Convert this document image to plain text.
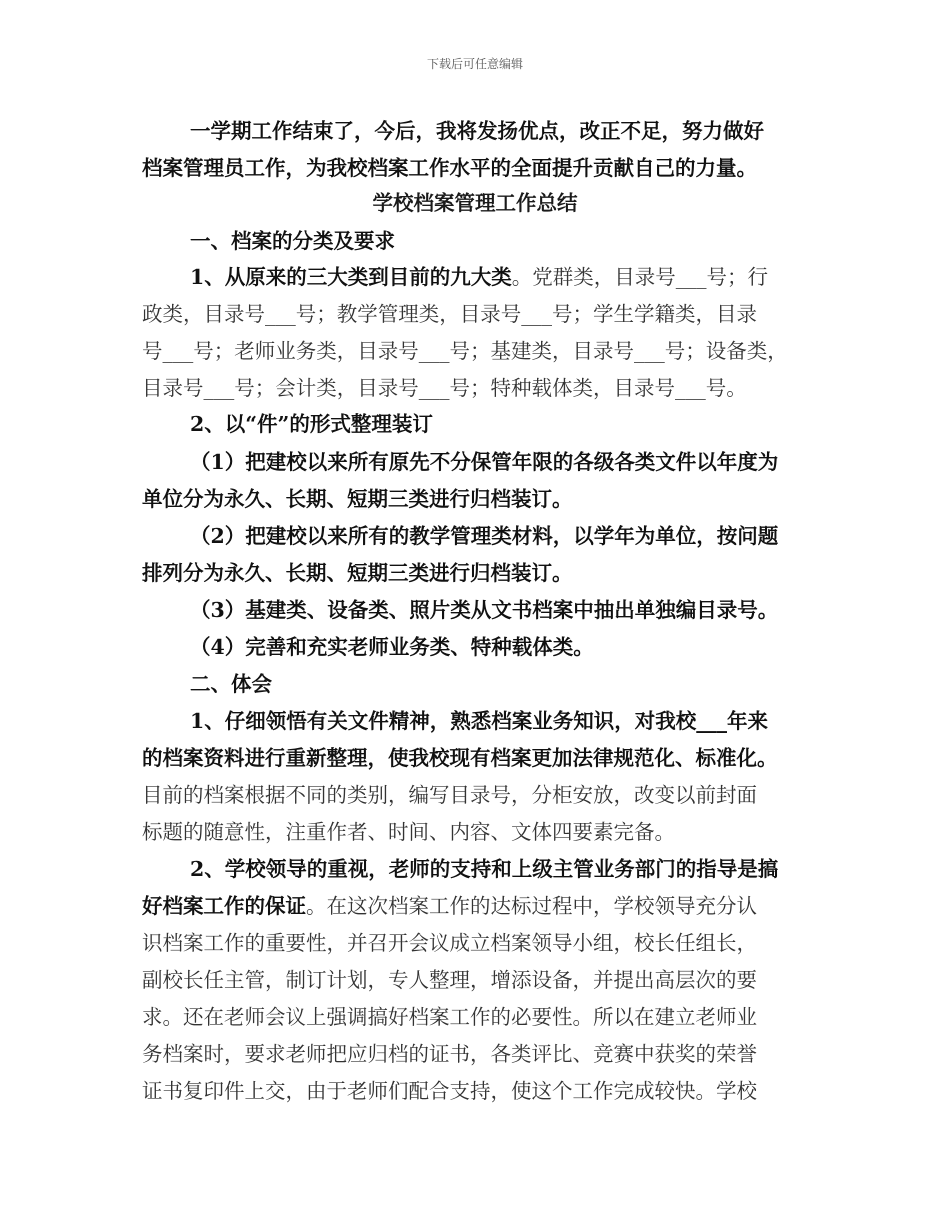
下载后可任意编辑

一学期工作结束了，今后，我将发扬优点，改正不足，努力做好

档案管理员工作，为我校档案工作水平的全面提升贡献自己的力量。

学校档案管理工作总结

一、档案的分类及要求

1、从原来的三大类到目前的九大类。党群类，目录号___号；行

政类，目录号___号；教学管理类，目录号___号；学生学籍类，目录

号___号；老师业务类，目录号___号；基建类，目录号___号；设备类，

目录号___号；会计类，目录号___号；特种载体类，目录号___号。

2、以“件”的形式整理装订

（1）把建校以来所有原先不分保管年限的各级各类文件以年度为

单位分为永久、长期、短期三类进行归档装订。

（2）把建校以来所有的教学管理类材料，以学年为单位，按问题

排列分为永久、长期、短期三类进行归档装订。

（3）基建类、设备类、照片类从文书档案中抽出单独编目录号。

（4）完善和充实老师业务类、特种载体类。

二、体会

1、仔细领悟有关文件精神，熟悉档案业务知识，对我校___年来

的档案资料进行重新整理，使我校现有档案更加法律规范化、标准化。

目前的档案根据不同的类别，编写目录号，分柜安放，改变以前封面

标题的随意性，注重作者、时间、内容、文体四要素完备。

2、学校领导的重视，老师的支持和上级主管业务部门的指导是搞

好档案工作的保证。在这次档案工作的达标过程中，学校领导充分认

识档案工作的重要性，并召开会议成立档案领导小组，校长任组长，

副校长任主管，制订计划，专人整理，增添设备，并提出高层次的要

求。还在老师会议上强调搞好档案工作的必要性。所以在建立老师业

务档案时，要求老师把应归档的证书，各类评比、竞赛中获奖的荣誉

证书复印件上交，由于老师们配合支持，使这个工作完成较快。学校
